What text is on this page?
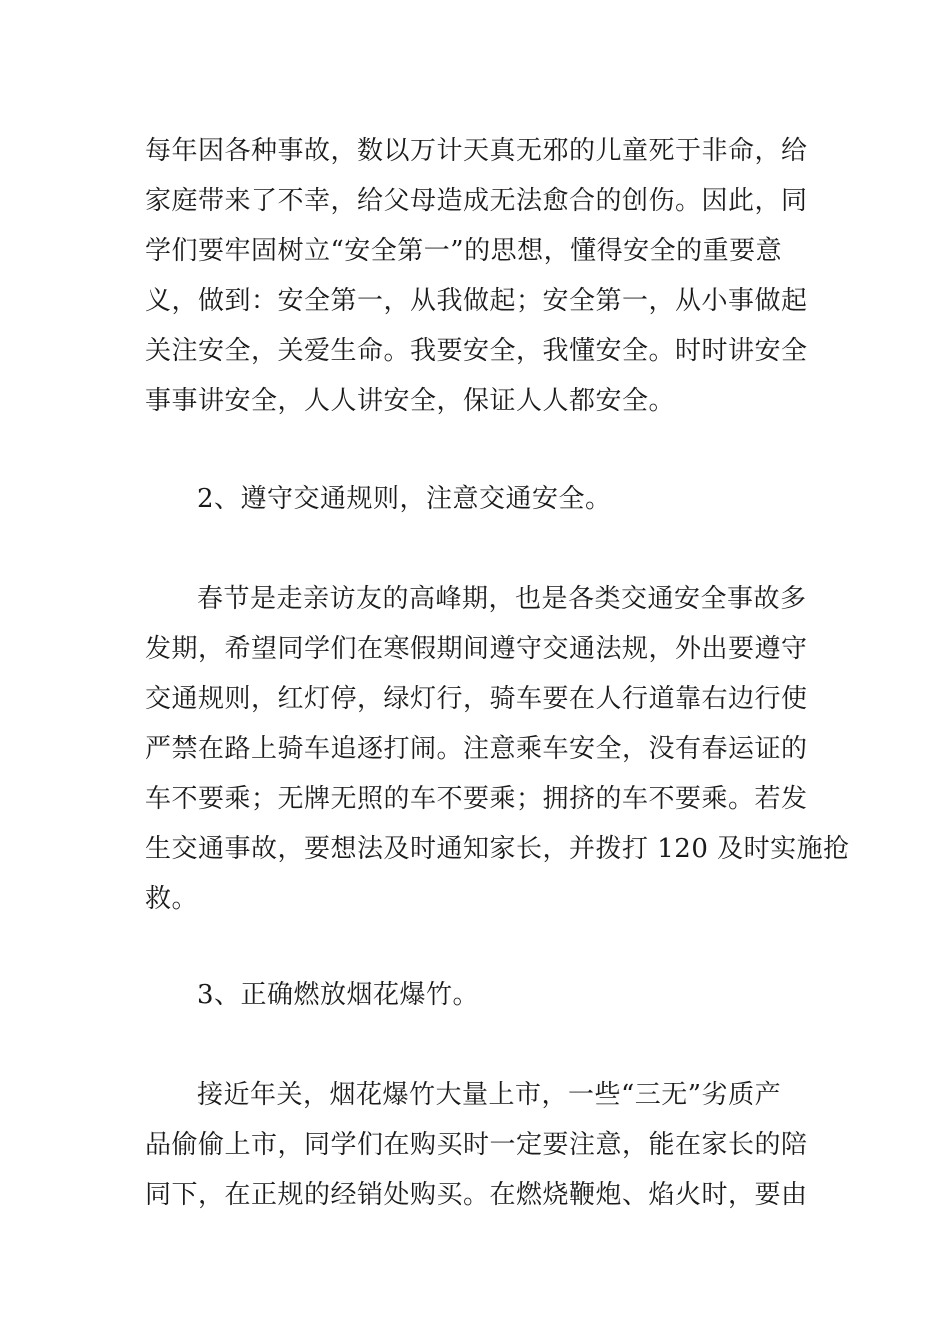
每年因各种事故，数以万计天真无邪的儿童死于非命，给
家庭带来了不幸，给父母造成无法愈合的创伤。因此，同
学们要牢固树立“安全第一”的思想，懂得安全的重要意
义，做到：安全第一，从我做起；安全第一，从小事做起
关注安全，关爱生命。我要安全，我懂安全。时时讲安全
事事讲安全，人人讲安全，保证人人都安全。
2、遵守交通规则，注意交通安全。
春节是走亲访友的高峰期，也是各类交通安全事故多
发期，希望同学们在寒假期间遵守交通法规，外出要遵守
交通规则，红灯停，绿灯行，骑车要在人行道靠右边行使
严禁在路上骑车追逐打闹。注意乘车安全，没有春运证的
车不要乘；无牌无照的车不要乘；拥挤的车不要乘。若发
生交通事故，要想法及时通知家长，并拨打 120 及时实施抢
救。
3、正确燃放烟花爆竹。
接近年关，烟花爆竹大量上市，一些“三无”劣质产
品偷偷上市，同学们在购买时一定要注意，能在家长的陪
同下，在正规的经销处购买。在燃烧鞭炮、焰火时，要由
